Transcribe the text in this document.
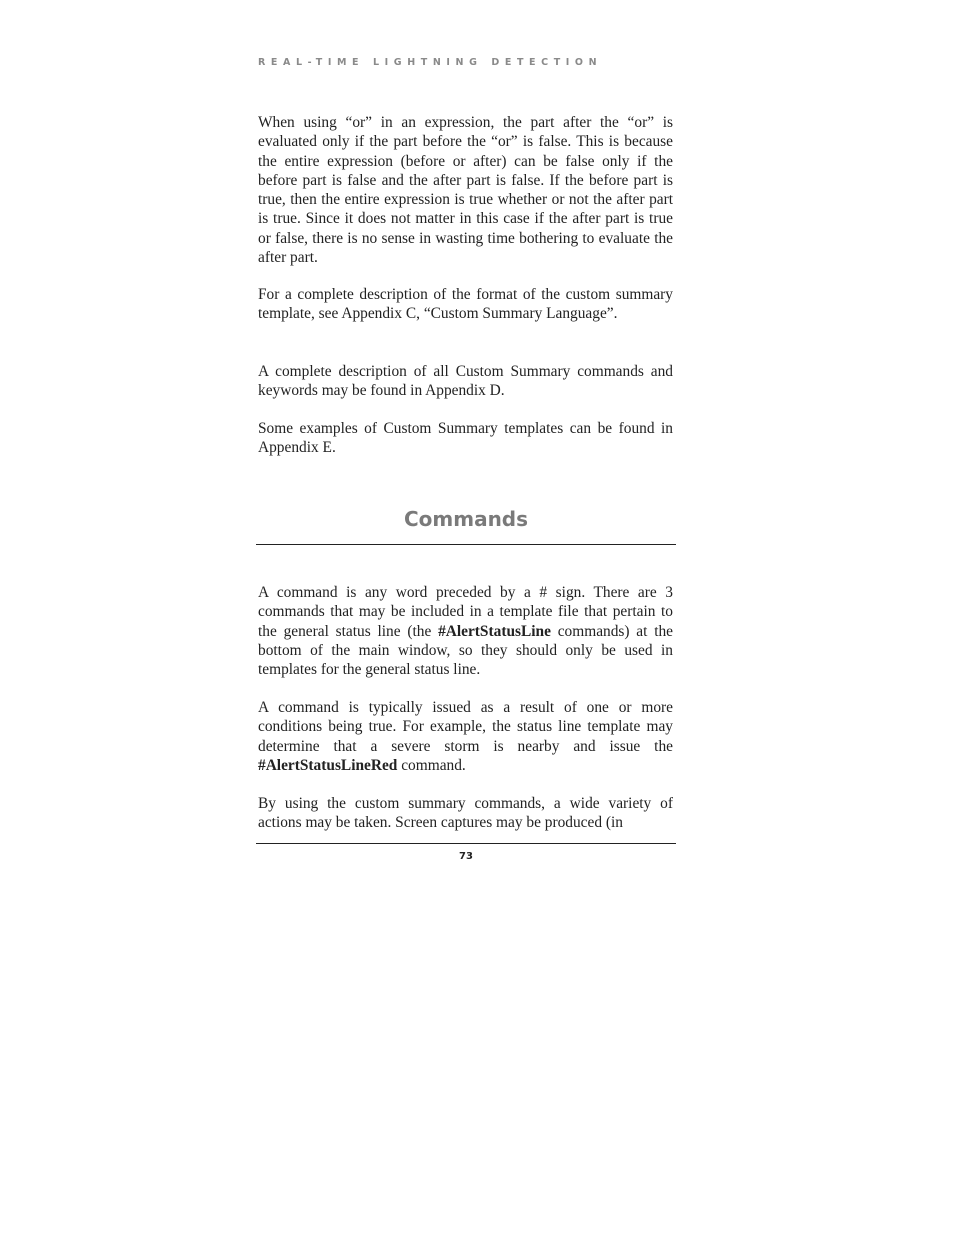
REAL-TIME LIGHTNING DETECTION

When using “or” in an expression, the part after the “or” is evaluated only if the part before the “or” is false. This is because the entire expression (before or after) can be false only if the before part is false and the after part is false. If the before part is true, then the entire expression is true whether or not the after part is true. Since it does not matter in this case if the after part is true or false, there is no sense in wasting time bothering to evaluate the after part.

For a complete description of the format of the custom summary template, see Appendix C, “Custom Summary Language”.

A complete description of all Custom Summary commands and keywords may be found in Appendix D.

Some examples of Custom Summary templates can be found in Appendix E.

Commands

A command is any word preceded by a # sign. There are 3 commands that may be included in a template file that pertain to the general status line (the #AlertStatusLine commands) at the bottom of the main window, so they should only be used in templates for the general status line.

A command is typically issued as a result of one or more conditions being true. For example, the status line template may determine that a severe storm is nearby and issue the #AlertStatusLineRed command.

By using the custom summary commands, a wide variety of actions may be taken. Screen captures may be produced (in

73
